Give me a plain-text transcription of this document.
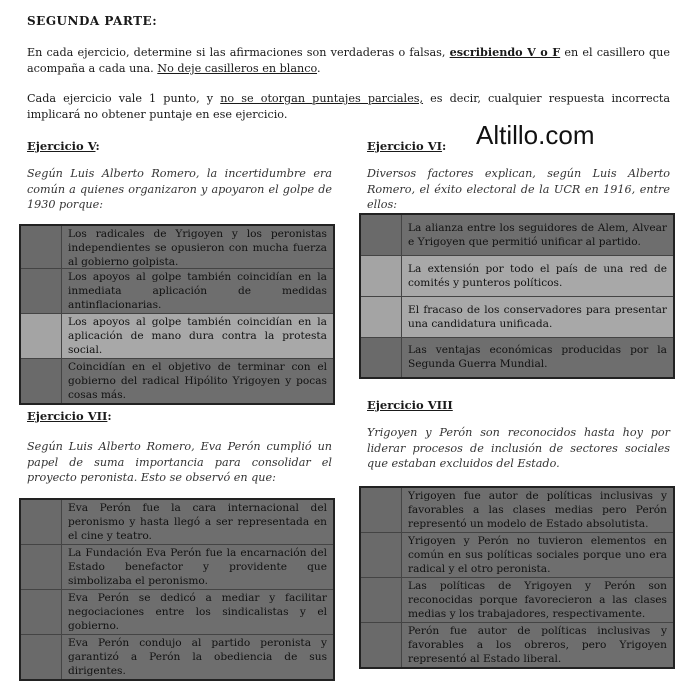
SEGUNDA PARTE:
En cada ejercicio, determine si las afirmaciones son verdaderas o falsas, escribiendo V o F en el casillero que acompaña a cada una. No deje casilleros en blanco.
Cada ejercicio vale 1 punto, y no se otorgan puntajes parciales, es decir, cualquier respuesta incorrecta implicará no obtener puntaje en ese ejercicio.
Altillo.com
Ejercicio V:
Según Luis Alberto Romero, la incertidumbre era común a quienes organizaron y apoyaron el golpe de 1930 porque:

	Los radicales de Yrigoyen y los peronistas independientes se opusieron con mucha fuerza al gobierno golpista.

	Los apoyos al golpe también coincidían en la inmediata aplicación de medidas antinflacionarias.

	Los apoyos al golpe también coincidían en la aplicación de mano dura contra la protesta social.

	Coincidían en el objetivo de terminar con el gobierno del radical Hipólito Yrigoyen y pocas cosas más.
Ejercicio VI:
Diversos factores explican, según Luis Alberto Romero, el éxito electoral de la UCR en 1916, entre ellos:

	La alianza entre los seguidores de Alem, Alvear e Yrigoyen que permitió unificar al partido.

	La extensión por todo el país de una red de comités y punteros políticos.

	El fracaso de los conservadores para presentar una candidatura unificada.

	Las ventajas económicas producidas por la Segunda Guerra Mundial.
Ejercicio VII:
Según Luis Alberto Romero, Eva Perón cumplió un papel de suma importancia para consolidar el proyecto peronista. Esto se observó en que:

	Eva Perón fue la cara internacional del peronismo y hasta llegó a ser representada en el cine y teatro.

	La Fundación Eva Perón fue la encarnación del Estado benefactor y providente que simbolizaba el peronismo.

	Eva Perón se dedicó a mediar y facilitar negociaciones entre los sindicalistas y el gobierno.

	Eva Perón condujo al partido peronista y garantizó a Perón la obediencia de sus dirigentes.
Ejercicio VIII
Yrigoyen y Perón son reconocidos hasta hoy por liderar procesos de inclusión de sectores sociales que estaban excluidos del Estado.

	Yrigoyen fue autor de políticas inclusivas y favorables a las clases medias pero Perón representó un modelo de Estado absolutista.

	Yrigoyen y Perón no tuvieron elementos en común en sus políticas sociales porque uno era radical y el otro peronista.

	Las políticas de Yrigoyen y Perón son reconocidas porque favorecieron a las clases medias y los trabajadores, respectivamente.

	Perón fue autor de políticas inclusivas y favorables a los obreros, pero Yrigoyen representó al Estado liberal.
